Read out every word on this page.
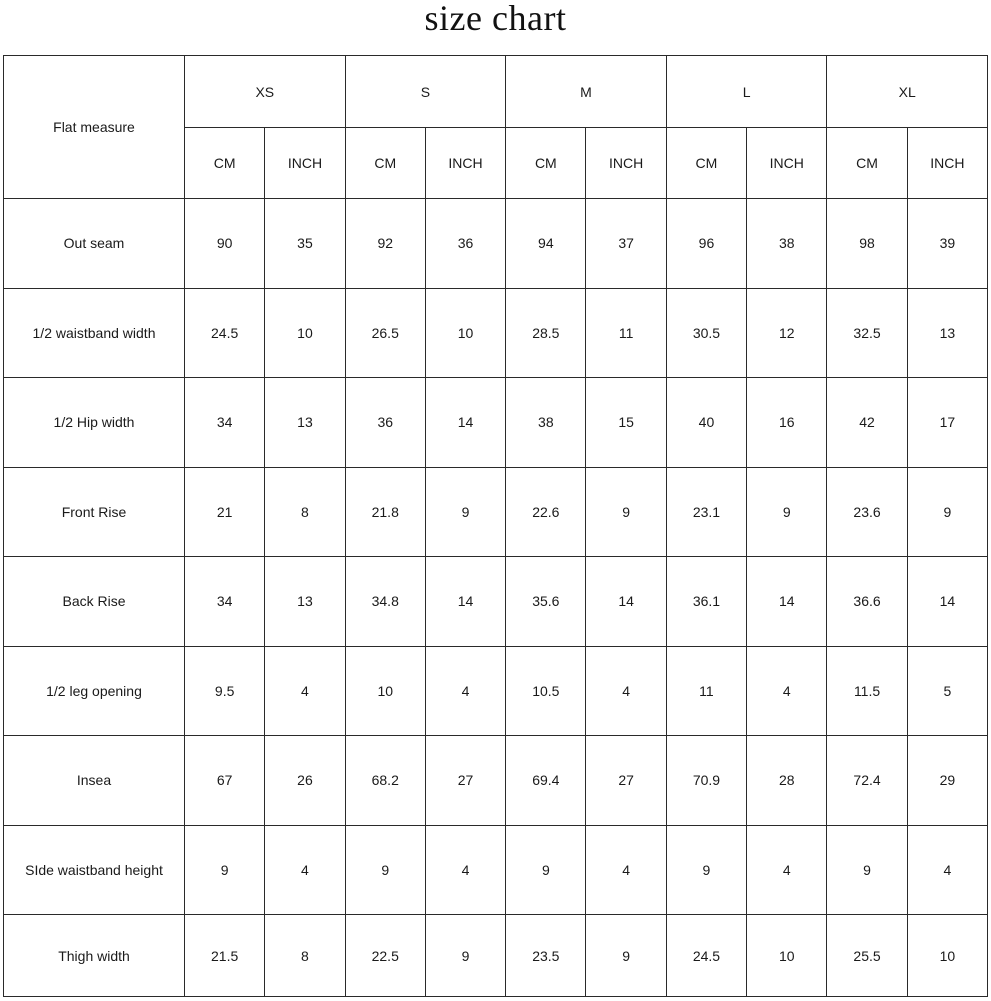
size chart
Flat measure	XS		S		M		L		XL	
	CM	INCH	CM	INCH	CM	INCH	CM	INCH	CM	INCH
Out seam	90	35	92	36	94	37	96	38	98	39
1/2 waistband width	24.5	10	26.5	10	28.5	11	30.5	12	32.5	13
1/2 Hip width	34	13	36	14	38	15	40	16	42	17
Front Rise	21	8	21.8	9	22.6	9	23.1	9	23.6	9
Back Rise	34	13	34.8	14	35.6	14	36.1	14	36.6	14
1/2 leg opening	9.5	4	10	4	10.5	4	11	4	11.5	5
Insea	67	26	68.2	27	69.4	27	70.9	28	72.4	29
SIde waistband height	9	4	9	4	9	4	9	4	9	4
Thigh width	21.5	8	22.5	9	23.5	9	24.5	10	25.5	10
